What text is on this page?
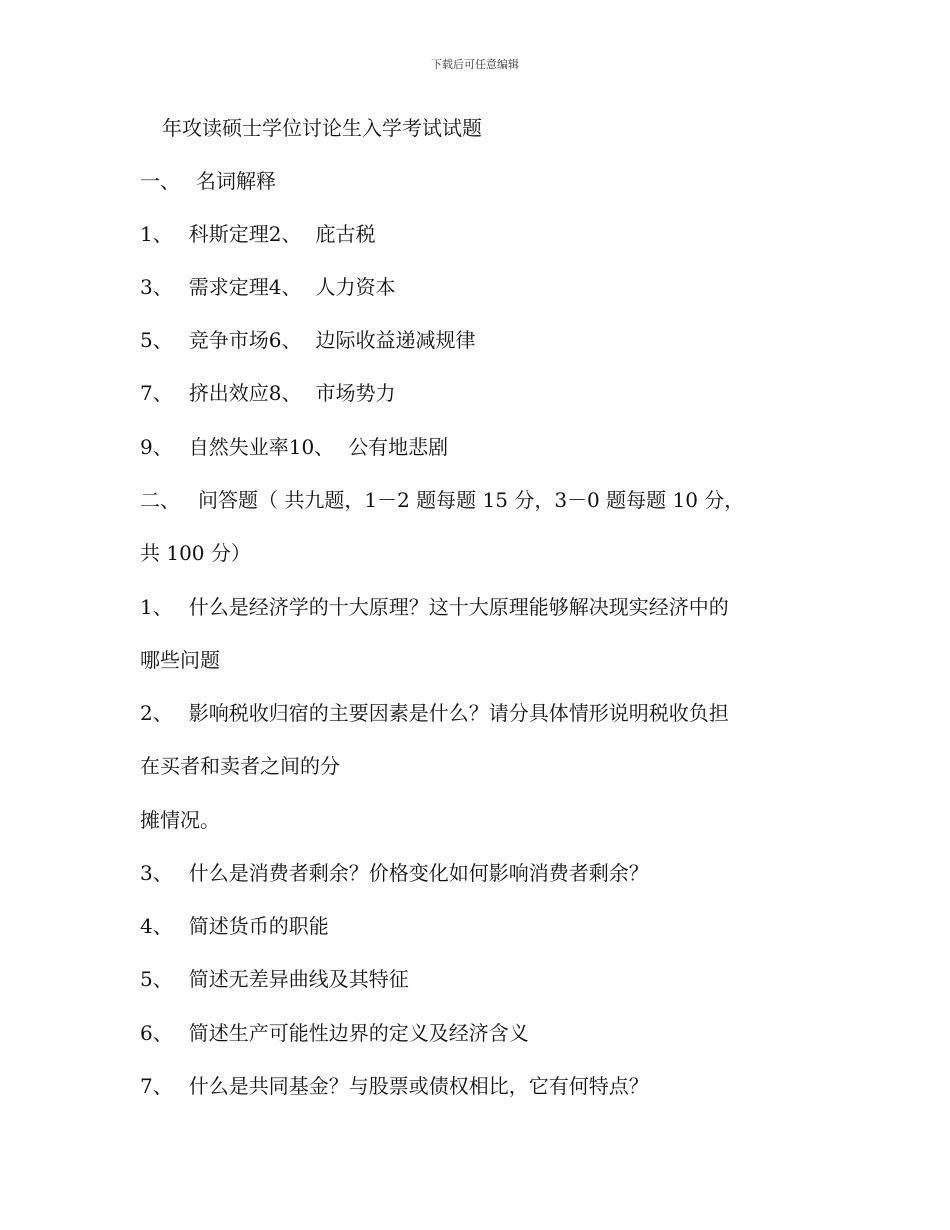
下载后可任意编辑
年攻读硕士学位讨论生入学考试试题
一、 名词解释
1、 科斯定理2、 庇古税
3、 需求定理4、 人力资本
5、 竞争市场6、 边际收益递减规律
7、 挤出效应8、 市场势力
9、 自然失业率10、 公有地悲剧
二、 问答题（ 共九题，1－2 题每题 15 分，3－0 题每题 10 分，
共 100 分）
1、 什么是经济学的十大原理？这十大原理能够解决现实经济中的
哪些问题
2、 影响税收归宿的主要因素是什么？请分具体情形说明税收负担
在买者和卖者之间的分
摊情况。
3、 什么是消费者剩余？价格变化如何影响消费者剩余？
4、 简述货币的职能
5、 简述无差异曲线及其特征
6、 简述生产可能性边界的定义及经济含义
7、 什么是共同基金？与股票或债权相比，它有何特点？
